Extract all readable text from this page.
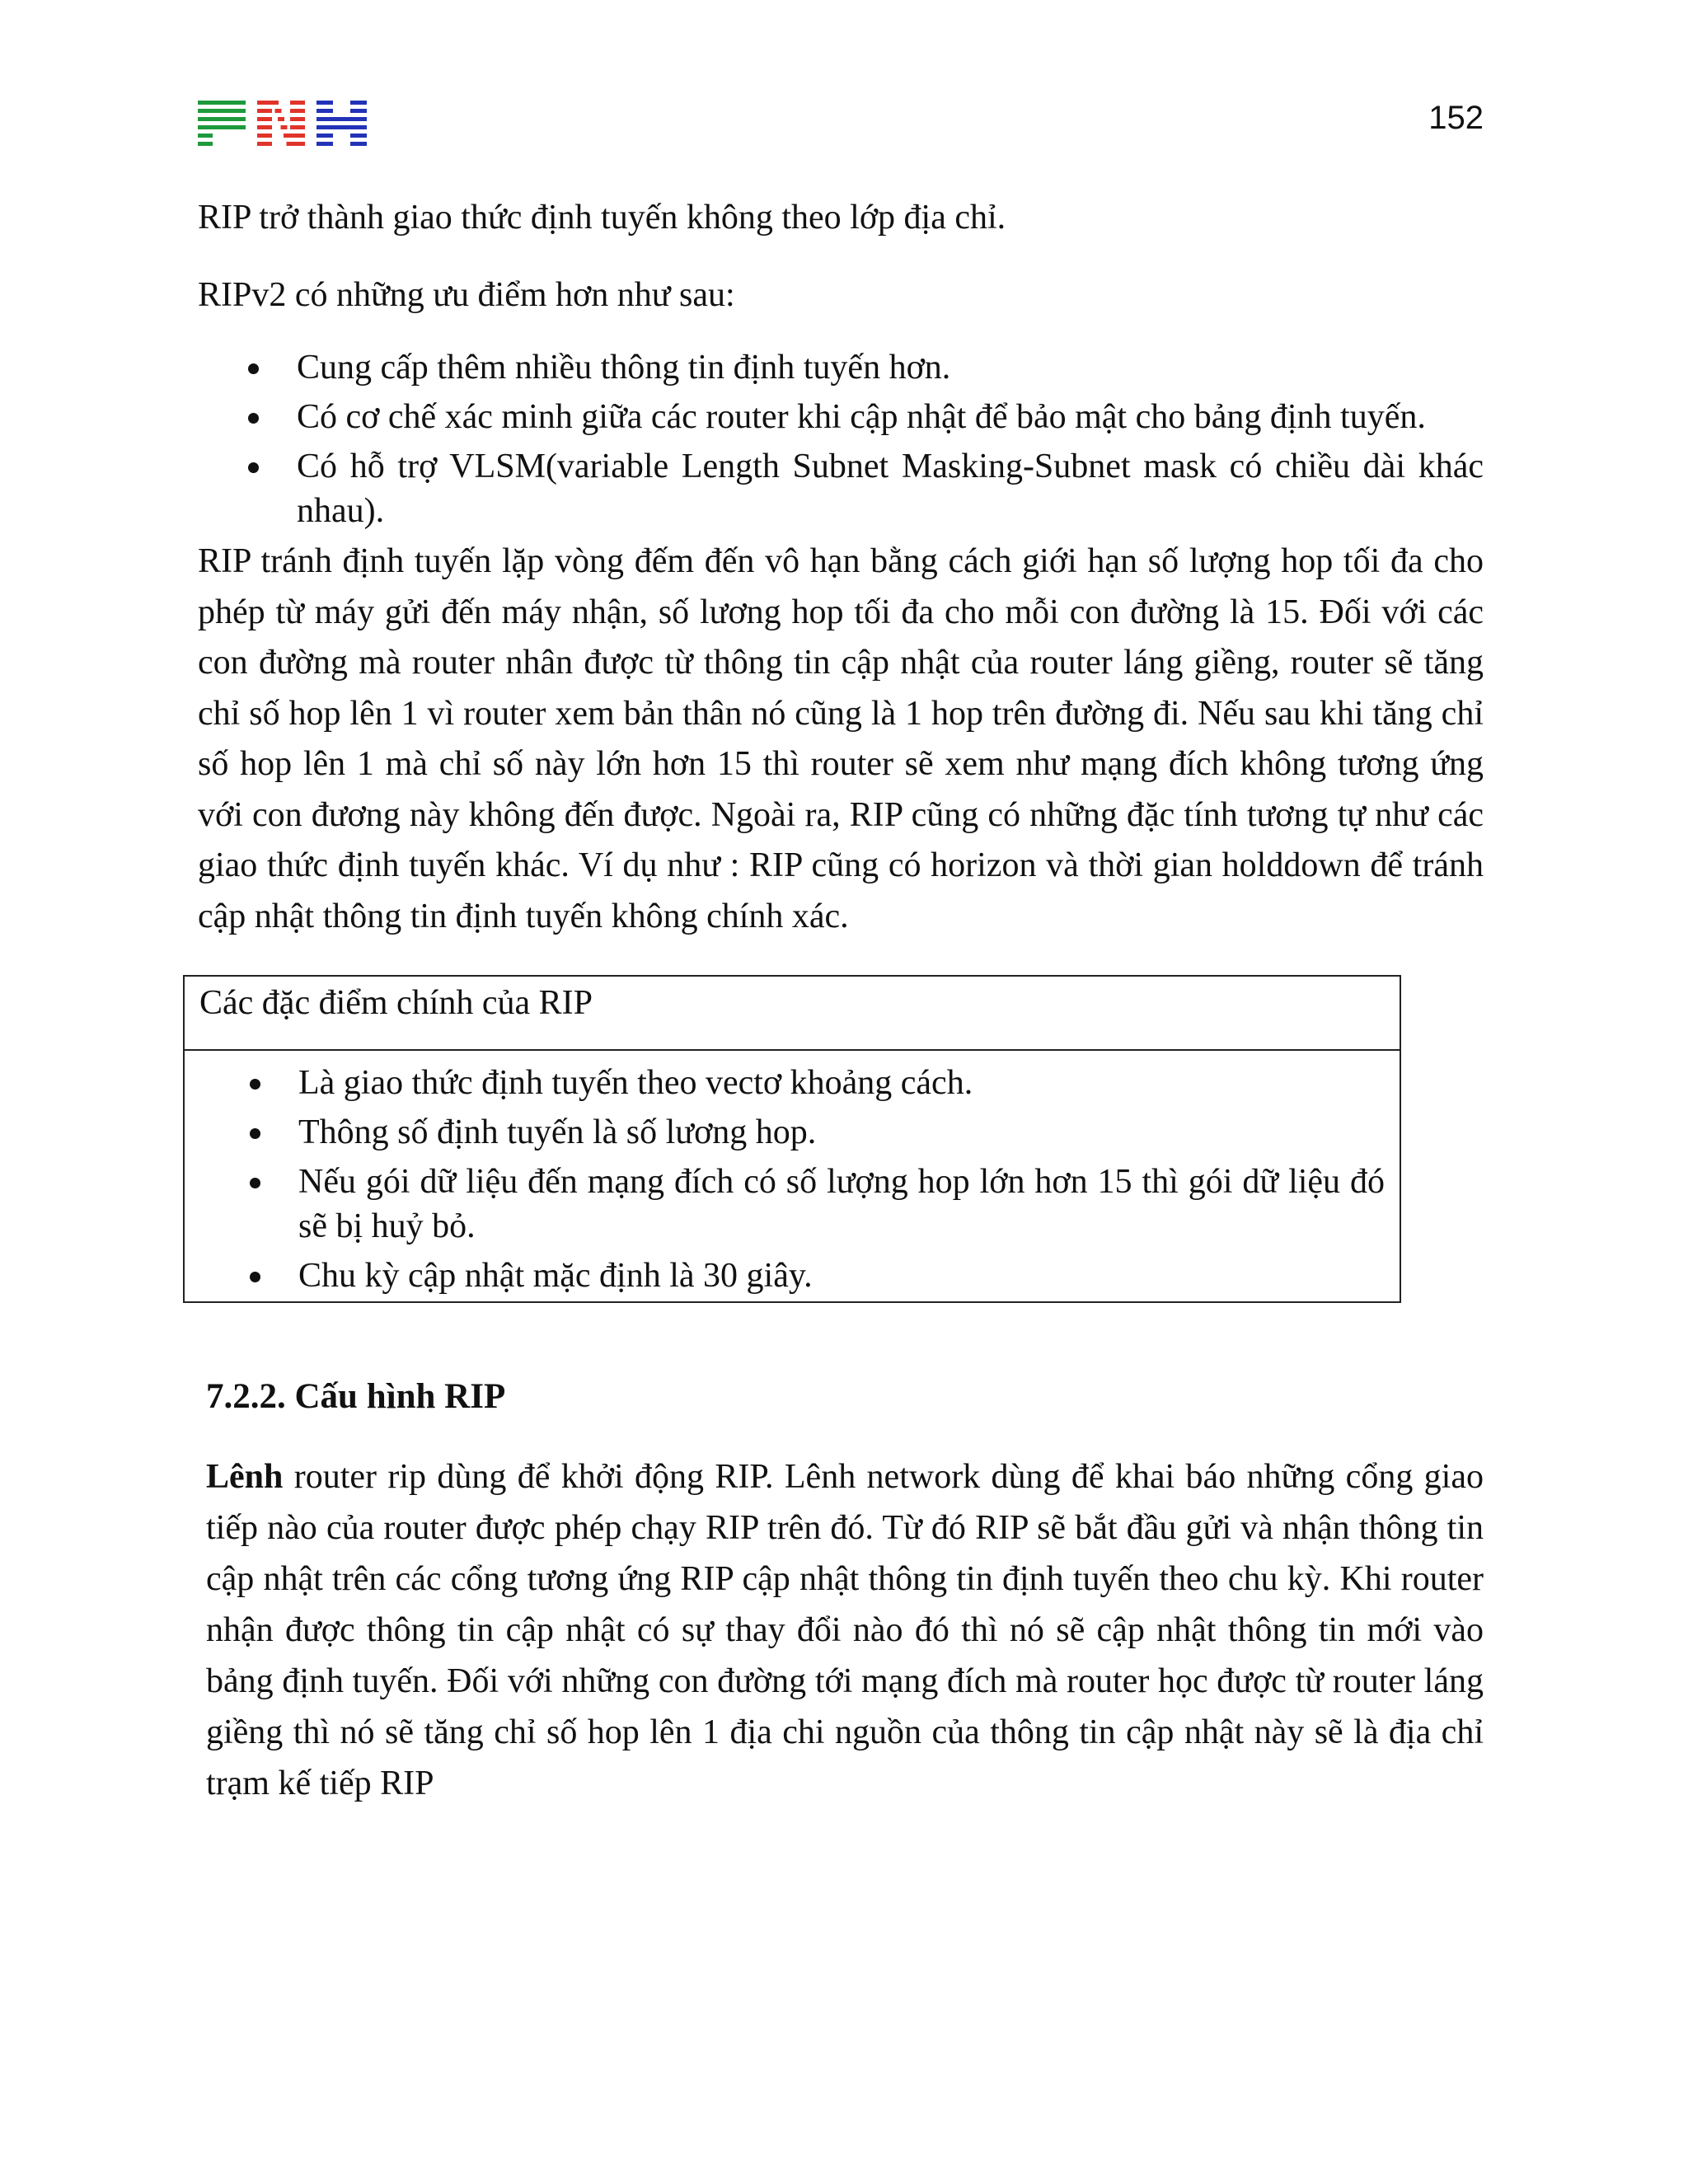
152

RIP trở thành giao thức định tuyến không theo lớp địa chỉ.

RIPv2 có những ưu điểm hơn như sau:

Cung cấp thêm nhiều thông tin định tuyến hơn.
Có cơ chế xác minh giữa các router khi cập nhật để bảo mật cho bảng định tuyến.
Có hỗ trợ VLSM(variable Length Subnet Masking-Subnet mask có chiều dài khác nhau).

RIP tránh định tuyến lặp vòng đếm đến vô hạn bằng cách giới hạn số lượng hop tối đa cho phép từ máy gửi đến máy nhận, số lương hop tối đa cho mỗi con đường là 15. Đối với các con đường mà router nhân được từ thông tin cập nhật của router láng giềng, router sẽ tăng chỉ số hop lên 1 vì router xem bản thân nó cũng là 1 hop trên đường đi. Nếu sau khi tăng chỉ số hop lên 1 mà chỉ số này lớn hơn 15 thì router sẽ xem như mạng đích không tương ứng với con đương này không đến được. Ngoài ra, RIP cũng có những đặc tính tương tự như các giao thức định tuyến khác. Ví dụ như : RIP cũng có horizon và thời gian holddown để tránh cập nhật thông tin định tuyến không chính xác.

Các đặc điểm chính của RIP
Là giao thức định tuyến theo vectơ khoảng cách.
Thông số định tuyến là số lương hop.
Nếu gói dữ liệu đến mạng đích có số lượng hop lớn hơn 15 thì gói dữ liệu đó sẽ bị huỷ bỏ.
Chu kỳ cập nhật mặc định là 30 giây.
7.2.2. Cấu hình RIP

Lênh router rip dùng để khởi động RIP. Lênh network dùng để khai báo những cổng giao tiếp nào của router được phép chạy RIP trên đó. Từ đó RIP sẽ bắt đầu gửi và nhận thông tin cập nhật trên các cổng tương ứng RIP cập nhật thông tin định tuyến theo chu kỳ. Khi router nhận được thông tin cập nhật có sự thay đổi nào đó thì nó sẽ cập nhật thông tin mới vào bảng định tuyến. Đối với những con đường tới mạng đích mà router học được từ router láng giềng thì nó sẽ tăng chỉ số hop lên 1 địa chi nguồn của thông tin cập nhật này sẽ là địa chỉ trạm kế tiếp RIP
